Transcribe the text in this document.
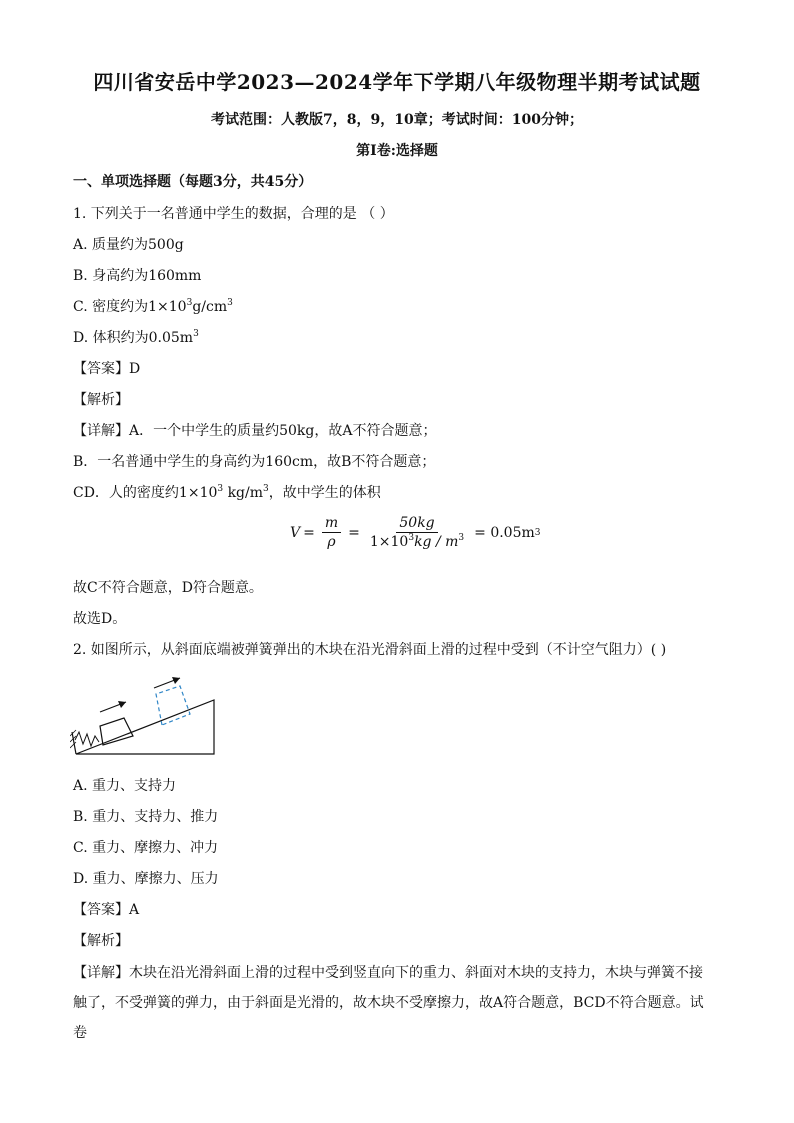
四川省安岳中学2023—2024学年下学期八年级物理半期考试试题
考试范围：人教版7，8，9，10章；考试时间：100分钟；
第Ⅰ卷:选择题
一、单项选择题（每题3分，共45分）
1. 下列关于一名普通中学生的数据，合理的是 （ ）
A. 质量约为500g
B. 身高约为160mm
C. 密度约为$1\times 10^3g/cm^3$
D. 体积约为$0.05m^3$
【答案】D
【解析】
【详解】A．一个中学生的质量约50kg，故A不符合题意；
B．一名普通中学生的身高约为160cm，故B不符合题意；
CD．人的密度约$1\times 10^3$ $kg/m^3$，故中学生的体积
$V = \frac{m}{\rho} = \frac{50kg}{1\times 10^3kg / m^3} = 0.05m$ 3
故C不符合题意，D符合题意。
故选D。
2. 如图所示，从斜面底端被弹簧弹出的木块在沿光滑斜面上滑的过程中受到（不计空气阻力）( )
A. 重力、支持力
B. 重力、支持力、推力
C. 重力、摩擦力、冲力
D. 重力、摩擦力、压力
【答案】A
【解析】
【详解】木块在沿光滑斜面上滑的过程中受到竖直向下的重力、斜面对木块的支持力，木块与弹簧不接触了，不受弹簧的弹力，由于斜面是光滑的，故木块不受摩擦力，故A符合题意，BCD不符合题意。试卷
